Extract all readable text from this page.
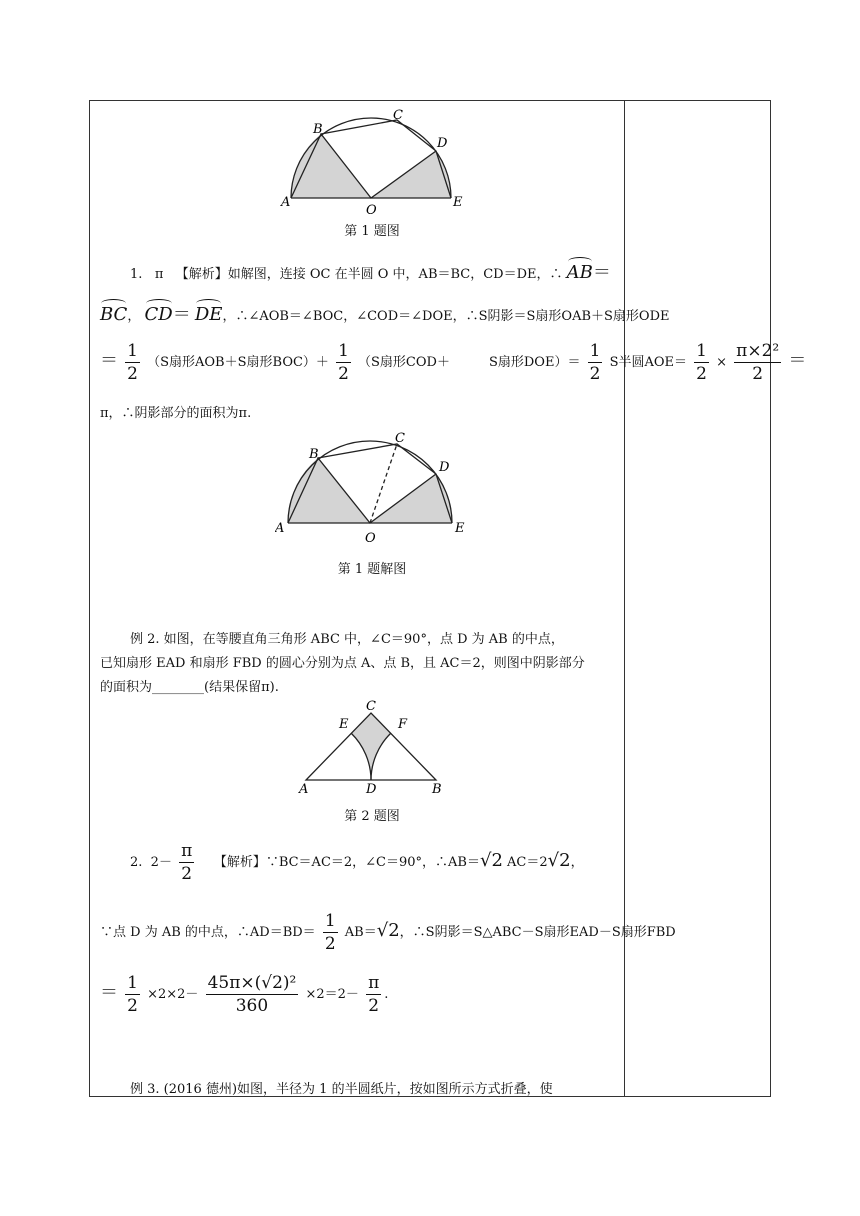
B
C
D
A
O
E
第 1 题图
1. π 【解析】如解图，连接 OC 在半圆 O 中，AB＝BC，CD＝DE，∴ AB＝
BC， CD＝ DE，∴∠AOB＝∠BOC，∠COD＝∠DOE，∴S阴影＝S扇形OAB＋S扇形ODE
＝ $\frac{1}{2} (S$扇形AOB＋S扇形$BOC)+ \frac{1}{2} (S$扇形COD＋　　　S扇形$DOE)= \frac{1}{2}$ S半圆$AOE= \frac{1}{2} \times \frac{\text{π×2²}}{2}$ ＝
π，∴阴影部分的面积为π.
B
C
D
A
O
E
第 1 题解图
例 2. 如图，在等腰直角三角形 ABC 中，∠C＝90°，点 D 为 AB 的中点，
已知扇形 EAD 和扇形 FBD 的圆心分别为点 A、点 B，且 AC＝2，则图中阴影部分
的面积为________(结果保留π).
C
E	F
A	D	B
第 2 题图
2. $2- \frac{\pi}{2}$ 【解析】∵BC＝AC＝2，∠C＝90°，∴AB＝√2 AC＝2√2，
∵点 D 为 AB 的中点，∴AD＝BD＝ $\frac{1}{2} AB=√2$，∴S阴影＝S△ABC－S扇形EAD－S扇形FBD
＝ $\frac{1}{2} \times 2\times 2- \frac{\text{45π×(√2)²}}{360} \times 2=2- \frac{\pi}{2}$ .
例 3. (2016 德州)如图，半径为 1 的半圆纸片，按如图所示方式折叠，使
